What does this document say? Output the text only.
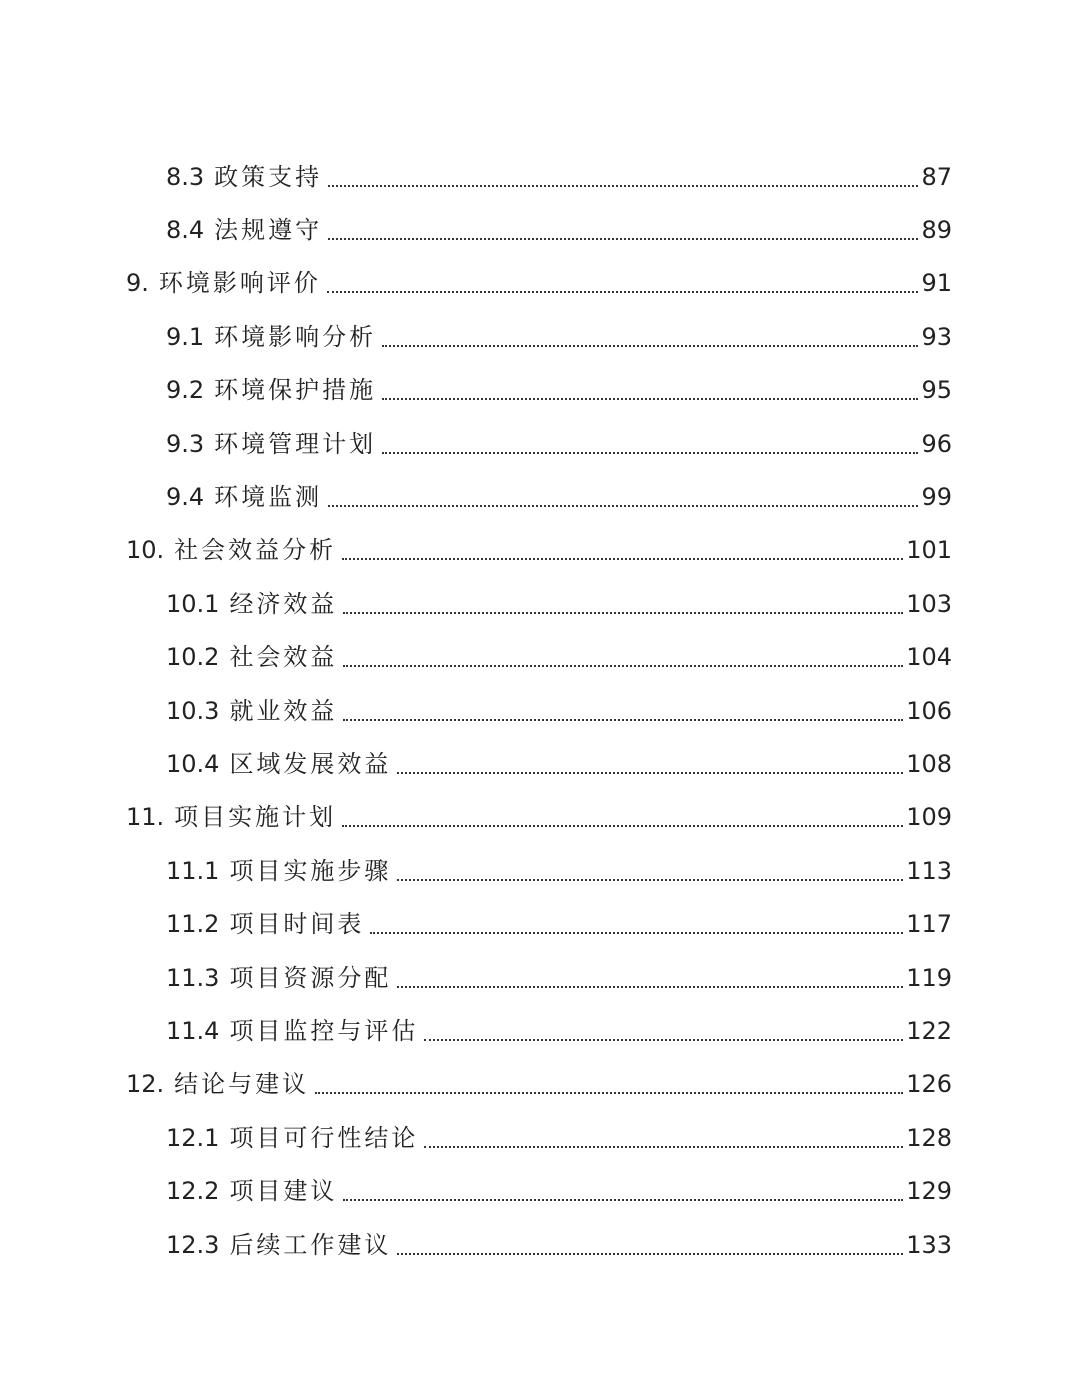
8.3 政策支持	87
8.4 法规遵守	89
9. 环境影响评价	91
9.1 环境影响分析	93
9.2 环境保护措施	95
9.3 环境管理计划	96
9.4 环境监测	99
10. 社会效益分析	101
10.1 经济效益	103
10.2 社会效益	104
10.3 就业效益	106
10.4 区域发展效益	108
11. 项目实施计划	109
11.1 项目实施步骤	113
11.2 项目时间表	117
11.3 项目资源分配	119
11.4 项目监控与评估	122
12. 结论与建议	126
12.1 项目可行性结论	128
12.2 项目建议	129
12.3 后续工作建议	133
